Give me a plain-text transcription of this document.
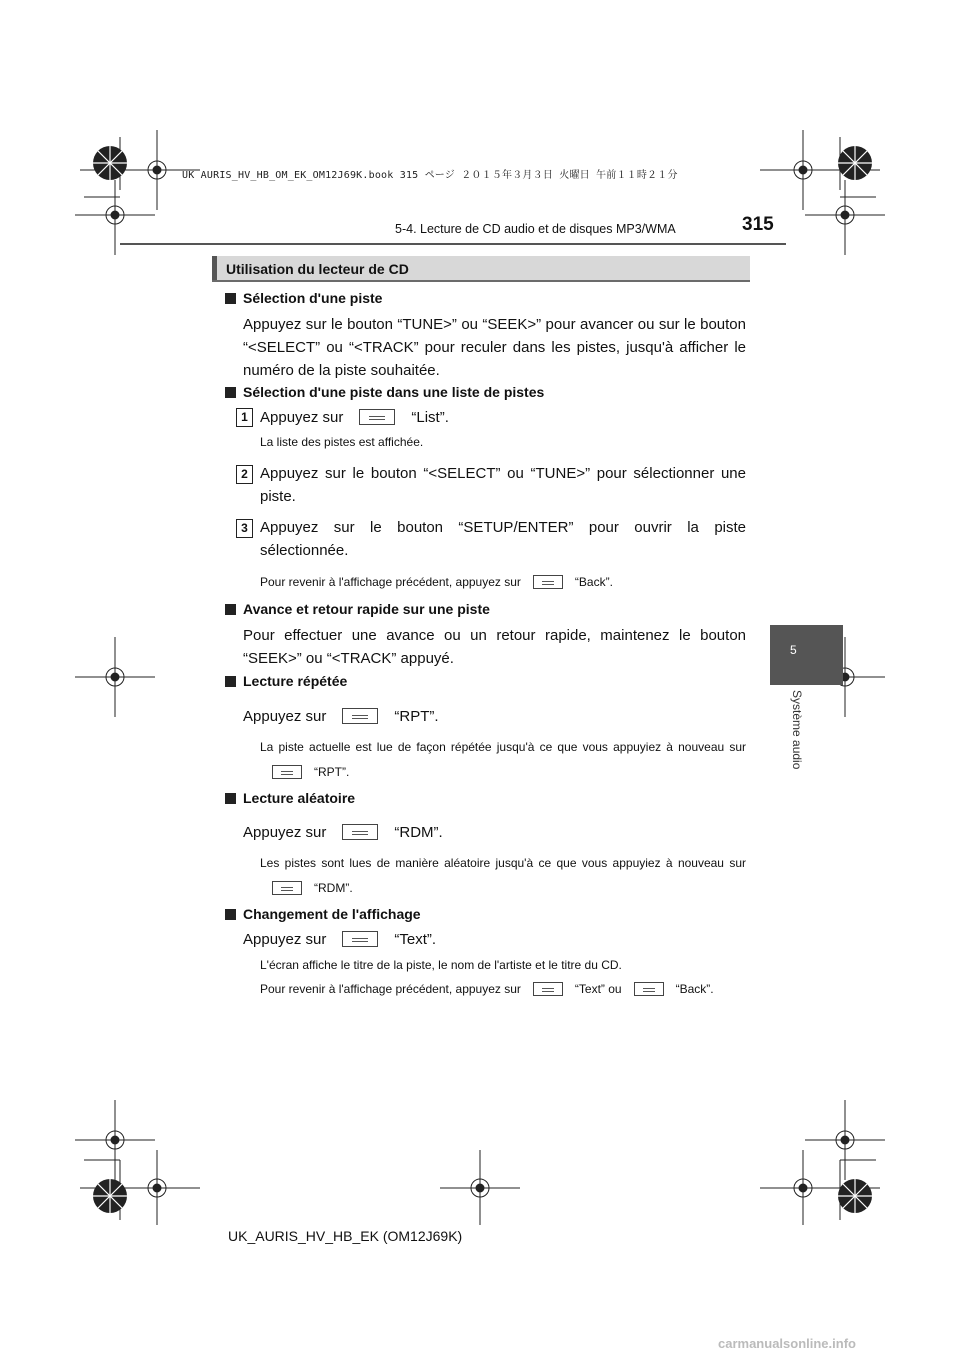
UK AURIS_HV_HB_OM_EK_OM12J69K.book 315 ページ ２０１５年３月３日 火曜日 午前１１時２１分
5-4. Lecture de CD audio et de disques MP3/WMA	315
5
Système audio
Utilisation du lecteur de CD
Sélection d'une piste
Appuyez sur le bouton “TUNE>” ou “SEEK>” pour avancer ou sur le bouton “<SELECT” ou “<TRACK” pour reculer dans les pistes, jusqu'à afficher le numéro de la piste souhaitée.
Sélection d'une piste dans une liste de pistes
1 Appuyez sur	“List”.
La liste des pistes est affichée.
2 Appuyez sur le bouton “<SELECT” ou “TUNE>” pour sélectionner une piste.
3 Appuyez sur le bouton “SETUP/ENTER” pour ouvrir la piste sélectionnée.
Pour revenir à l'affichage précédent, appuyez sur	“Back”.
Avance et retour rapide sur une piste
Pour effectuer une avance ou un retour rapide, maintenez le bouton “SEEK>” ou “<TRACK” appuyé.
Lecture répétée
Appuyez sur	“RPT”.
La piste actuelle est lue de façon répétée jusqu'à ce que vous appuyiez à nouveau sur“RPT”.
Lecture aléatoire
Appuyez sur	“RDM”.
Les pistes sont lues de manière aléatoire jusqu'à ce que vous appuyiez à nouveau sur“RDM”.
Changement de l'affichage
Appuyez sur	“Text”.
L'écran affiche le titre de la piste, le nom de l'artiste et le titre du CD.
Pour revenir à l'affichage précédent, appuyez sur	“Text” ou	“Back”.
UK_AURIS_HV_HB_EK (OM12J69K)
carmanualsonline.info
